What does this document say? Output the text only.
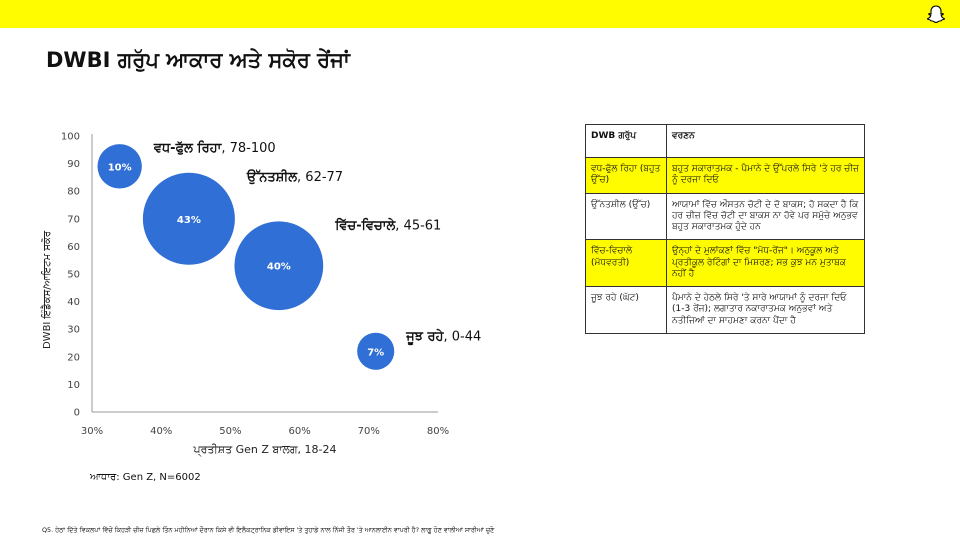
DWBI ਗਰੁੱਪ ਆਕਾਰ ਅਤੇ ਸਕੋਰ ਰੇਂਜਾਂ
0
10
20
30
40
50
60
70
80
90
100
30%	40%	50%	60%	70%	80%
ਪ੍ਰਤੀਸ਼ਤ Gen Z ਬਾਲਗ, 18-24
DWBI ਇੰਡੈਕਸ/ਆਇਟਮ ਸਕੋਰ
10%
ਵਧ-ਫੁੱਲ ਰਿਹਾ, 78-100
43%
ਉੱਨਤਸ਼ੀਲ, 62-77
40%
ਵਿੱਚ-ਵਿਚਾਲੇ, 45-61
7%
ਜੂਝ ਰਹੇ, 0-44
DWB ਗਰੁੱਪ	ਵਰਣਨ
ਵਧ-ਫੁੱਲ ਰਿਹਾ (ਬਹੁਤ ਉੱਚ)	ਬਹੁਤ ਸਕਾਰਾਤਮਕ - ਪੈਮਾਨੇ ਦੇ ਉੱਪਰਲੇ ਸਿਰੇ 'ਤੇ ਹਰ ਚੀਜ਼ ਨੂੰ ਦਰਜਾ ਦਿਓ
ਉੱਨਤਸ਼ੀਲ (ਉੱਚ)	ਆਯਾਮਾਂ ਵਿੱਚ ਔਸਤਨ ਚੋਟੀ ਦੇ ਦੋ ਬਾਕਸ; ਹੋ ਸਕਦਾ ਹੈ ਕਿ ਹਰ ਚੀਜ਼ ਵਿੱਚ ਚੋਟੀ ਦਾ ਬਾਕਸ ਨਾ ਹੋਵੇ ਪਰ ਸਮੁੱਚੇ ਅਨੁਭਵ ਬਹੁਤ ਸਕਾਰਾਤਮਕ ਹੁੰਦੇ ਹਨ
ਵਿੱਚ-ਵਿਚਾਲੇ (ਮੱਧਵਰਤੀ)	ਉਨ੍ਹਾਂ ਦੇ ਮੁਲਾਂਕਣਾਂ ਵਿੱਚ "ਮੱਧ-ਰੇਂਜ"। ਅਨੁਕੂਲ ਅਤੇ ਪ੍ਰਤੀਕੂਲ ਰੇਟਿੰਗਾਂ ਦਾ ਮਿਸ਼ਰਣ; ਸਭ ਕੁਝ ਮਨ ਮੁਤਾਬਕ ਨਹੀਂ ਹੈ
ਜੂਝ ਰਹੇ (ਘੱਟ)	ਪੈਮਾਨੇ ਦੇ ਹੇਠਲੇ ਸਿਰੇ 'ਤੇ ਸਾਰੇ ਆਯਾਮਾਂ ਨੂੰ ਦਰਜਾ ਦਿਓ (1-3 ਰੇਂਜ); ਲਗਾਤਾਰ ਨਕਾਰਾਤਮਕ ਅਨੁਭਵਾਂ ਅਤੇ ਨਤੀਜਿਆਂ ਦਾ ਸਾਹਮਣਾ ਕਰਨਾ ਪੈਂਦਾ ਹੈ
ਆਧਾਰ: Gen Z, N=6002
Q5. ਹੇਠਾਂ ਦਿੱਤੇ ਵਿਕਲਪਾਂ ਵਿੱਚੋਂ ਕਿਹੜੀ ਚੀਜ਼ ਪਿਛਲੇ ਤਿੰਨ ਮਹੀਨਿਆਂ ਦੌਰਾਨ ਕਿਸੇ ਵੀ ਇਲੈਕਟ੍ਰਾਨਿਕ ਡੀਵਾਇਸ 'ਤੇ ਤੁਹਾਡੇ ਨਾਲ ਨਿੱਜੀ ਤੌਰ 'ਤੇ ਆਨਲਾਈਨ ਵਾਪਰੀ ਹੈ? ਲਾਗੂ ਹੋਣ ਵਾਲੀਆਂ ਸਾਰੀਆਂ ਚੁਣੋ
